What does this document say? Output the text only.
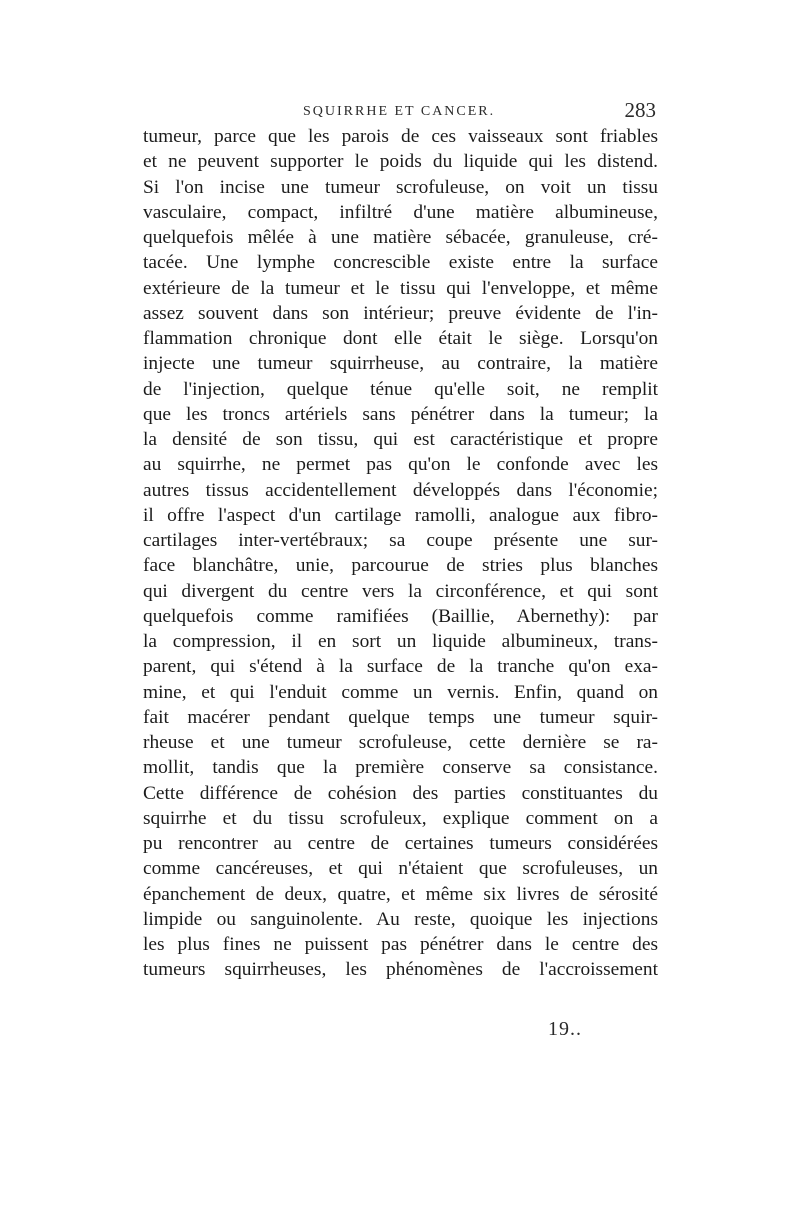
SQUIRRHE ET CANCER.	283
tumeur, parce que les parois de ces vaisseaux sont friables
et ne peuvent supporter le poids du liquide qui les distend.
Si l'on incise une tumeur scrofuleuse, on voit un tissu
vasculaire, compact, infiltré d'une matière albumineuse,
quelquefois mêlée à une matière sébacée, granuleuse, cré-
tacée. Une lymphe concrescible existe entre la surface
extérieure de la tumeur et le tissu qui l'enveloppe, et même
assez souvent dans son intérieur; preuve évidente de l'in-
flammation chronique dont elle était le siège. Lorsqu'on
injecte une tumeur squirrheuse, au contraire, la matière
de l'injection, quelque ténue qu'elle soit, ne remplit
que les troncs artériels sans pénétrer dans la tumeur; la
la densité de son tissu, qui est caractéristique et propre
au squirrhe, ne permet pas qu'on le confonde avec les
autres tissus accidentellement développés dans l'économie;
il offre l'aspect d'un cartilage ramolli, analogue aux fibro-
cartilages inter-vertébraux; sa coupe présente une sur-
face blanchâtre, unie, parcourue de stries plus blanches
qui divergent du centre vers la circonférence, et qui sont
quelquefois comme ramifiées (Baillie, Abernethy): par
la compression, il en sort un liquide albumineux, trans-
parent, qui s'étend à la surface de la tranche qu'on exa-
mine, et qui l'enduit comme un vernis. Enfin, quand on
fait macérer pendant quelque temps une tumeur squir-
rheuse et une tumeur scrofuleuse, cette dernière se ra-
mollit, tandis que la première conserve sa consistance.
Cette différence de cohésion des parties constituantes du
squirrhe et du tissu scrofuleux, explique comment on a
pu rencontrer au centre de certaines tumeurs considérées
comme cancéreuses, et qui n'étaient que scrofuleuses, un
épanchement de deux, quatre, et même six livres de sérosité
limpide ou sanguinolente. Au reste, quoique les injections
les plus fines ne puissent pas pénétrer dans le centre des
tumeurs squirrheuses, les phénomènes de l'accroissement
19..
